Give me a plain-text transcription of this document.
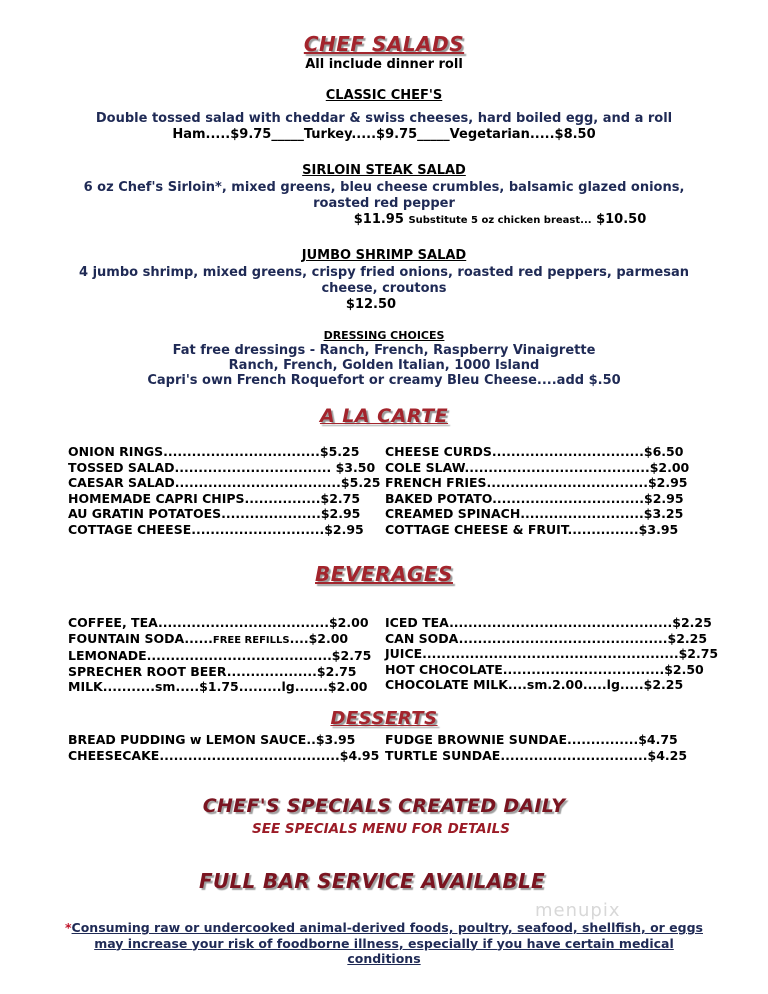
CHEF SALADS
All include dinner roll
CLASSIC CHEF'S
Double tossed salad with cheddar & swiss cheeses, hard boiled egg, and a roll
Ham.....$9.75_____Turkey.....$9.75_____Vegetarian.....$8.50
SIRLOIN STEAK SALAD
6 oz Chef's Sirloin*, mixed greens, bleu cheese crumbles, balsamic glazed onions,
roasted red pepper
$11.95 Substitute 5 oz chicken breast... $10.50
JUMBO SHRIMP SALAD
4 jumbo shrimp, mixed greens, crispy fried onions, roasted red peppers, parmesan
cheese, croutons
$12.50
DRESSING CHOICES
Fat free dressings - Ranch, French, Raspberry Vinaigrette
Ranch, French, Golden Italian, 1000 Island
Capri's own French Roquefort or creamy Bleu Cheese....add $.50
A LA CARTE
ONION RINGS.................................$5.25
TOSSED SALAD................................. $3.50
CAESAR SALAD...................................$5.25
HOMEMADE CAPRI CHIPS................$2.75
AU GRATIN POTATOES.....................$2.95
COTTAGE CHEESE............................$2.95
CHEESE CURDS................................$6.50
COLE SLAW.......................................$2.00
FRENCH FRIES..................................$2.95
BAKED POTATO................................$2.95
CREAMED SPINACH..........................$3.25
COTTAGE CHEESE & FRUIT...............$3.95
BEVERAGES
COFFEE, TEA....................................$2.00
FOUNTAIN SODA......FREE REFILLS....$2.00
LEMONADE.......................................$2.75
SPRECHER ROOT BEER...................$2.75
MILK...........sm.....$1.75.........lg.......$2.00
ICED TEA...............................................$2.25
CAN SODA............................................$2.25
JUICE......................................................$2.75
HOT CHOCOLATE..................................$2.50
CHOCOLATE MILK....sm.2.00.....lg.....$2.25
DESSERTS
BREAD PUDDING w LEMON SAUCE..$3.95
CHEESECAKE......................................$4.95
FUDGE BROWNIE SUNDAE...............$4.75
TURTLE SUNDAE...............................$4.25
CHEF'S SPECIALS CREATED DAILY
SEE SPECIALS MENU FOR DETAILS
FULL BAR SERVICE AVAILABLE
menupix
*Consuming raw or undercooked animal-derived foods, poultry, seafood, shellfish, or eggs may increase your risk of foodborne illness, especially if you have certain medical conditions
